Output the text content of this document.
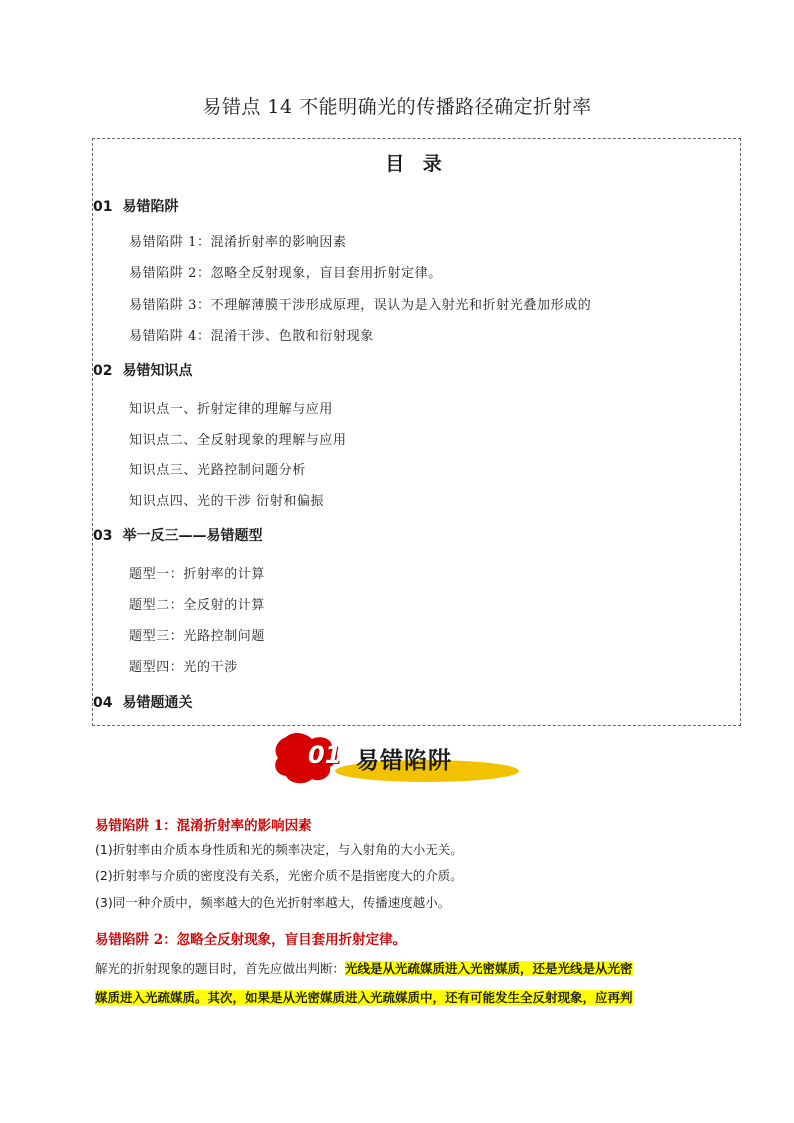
易错点 14 不能明确光的传播路径确定折射率
目 录
01 易错陷阱
易错陷阱 1：混淆折射率的影响因素
易错陷阱 2：忽略全反射现象，盲目套用折射定律。
易错陷阱 3：不理解薄膜干涉形成原理，误认为是入射光和折射光叠加形成的
易错陷阱 4：混淆干涉、色散和衍射现象
02 易错知识点
知识点一、折射定律的理解与应用
知识点二、全反射现象的理解与应用
知识点三、光路控制问题分析
知识点四、光的干涉 衍射和偏振
03 举一反三——易错题型
题型一：折射率的计算
题型二：全反射的计算
题型三：光路控制问题
题型四：光的干涉
04 易错题通关
01 易错陷阱
易错陷阱 1：混淆折射率的影响因素
(1)折射率由介质本身性质和光的频率决定，与入射角的大小无关。
(2)折射率与介质的密度没有关系，光密介质不是指密度大的介质。
(3)同一种介质中，频率越大的色光折射率越大，传播速度越小。
易错陷阱 2：忽略全反射现象，盲目套用折射定律。
解光的折射现象的题目时，首先应做出判断：光线是从光疏媒质进入光密媒质，还是光线是从光密
媒质进入光疏媒质。其次，如果是从光密媒质进入光疏媒质中，还有可能发生全反射现象，应再判
